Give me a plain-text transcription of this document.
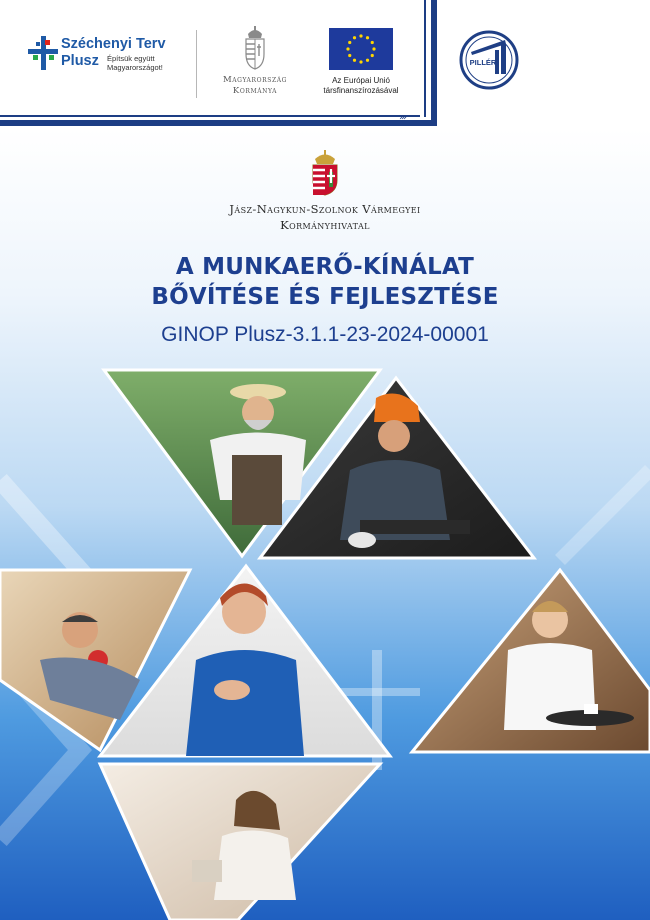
›››
⌄
⌄
⌄
⌄
Széchenyi Terv
Plusz Építsük együtt Magyarországot!
Magyarország
Kormánya
Az Európai Unió
társfinanszírozásával
PILLÉR
Jász-Nagykun-Szolnok Vármegyei
Kormányhivatal
A MUNKAERŐ-KÍNÁLAT
BŐVÍTÉSE ÉS FEJLESZTÉSE
GINOP Plusz-3.1.1-23-2024-00001
